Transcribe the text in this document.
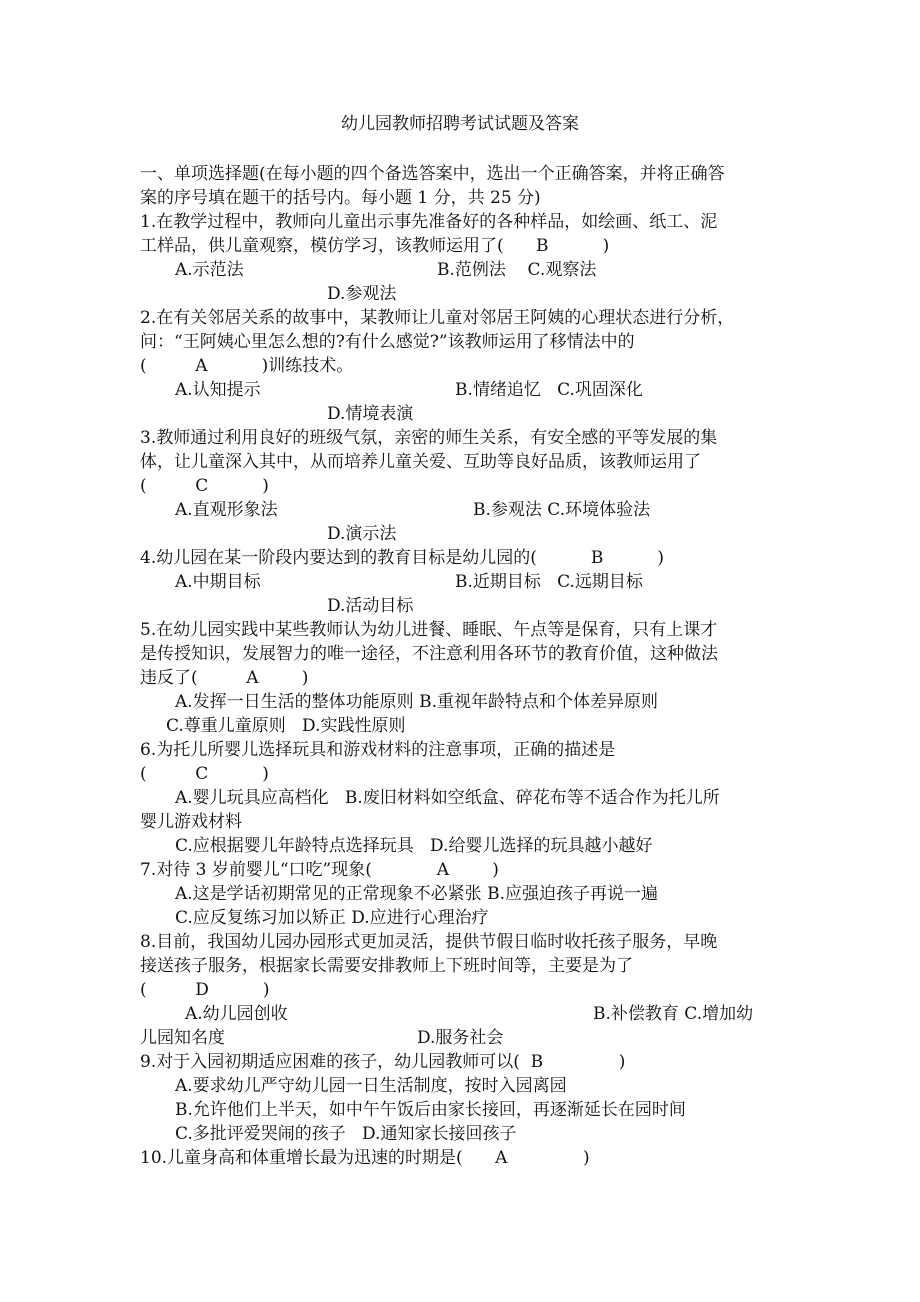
幼儿园教师招聘考试试题及答案
一、单项选择题(在每小题的四个备选答案中，选出一个正确答案，并将正确答
案的序号填在题干的括号内。每小题 1 分，共 25 分)
1.在教学过程中，教师向儿童出示事先准备好的各种样品，如绘画、纸工、泥
工样品，供儿童观察，模仿学习，该教师运用了(      B          )
A.示范法	B.范例法    C.观察法
D.参观法
2.在有关邻居关系的故事中，某教师让儿童对邻居王阿姨的心理状态进行分析，
问：“王阿姨心里怎么想的?有什么感觉?”该教师运用了移情法中的
(         A          )训练技术。
A.认知提示	B.情绪追忆   C.巩固深化
D.情境表演
3.教师通过利用良好的班级气氛，亲密的师生关系，有安全感的平等发展的集
体，让儿童深入其中，从而培养儿童关爱、互助等良好品质，该教师运用了
(         C          )
A.直观形象法	B.参观法 C.环境体验法
D.演示法
4.幼儿园在某一阶段内要达到的教育目标是幼儿园的(          B          )
A.中期目标	B.近期目标   C.远期目标
D.活动目标
5.在幼儿园实践中某些教师认为幼儿进餐、睡眠、午点等是保育，只有上课才
是传授知识，发展智力的唯一途径，不注意利用各环节的教育价值，这种做法
违反了(         A        )
A.发挥一日生活的整体功能原则 B.重视年龄特点和个体差异原则
C.尊重儿童原则   D.实践性原则
6.为托儿所婴儿选择玩具和游戏材料的注意事项，正确的描述是
(         C          )
A.婴儿玩具应高档化   B.废旧材料如空纸盒、碎花布等不适合作为托儿所
婴儿游戏材料
C.应根据婴儿年龄特点选择玩具   D.给婴儿选择的玩具越小越好
7.对待 3 岁前婴儿“口吃”现象(            A        )
A.这是学话初期常见的正常现象不必紧张 B.应强迫孩子再说一遍
C.应反复练习加以矫正 D.应进行心理治疗
8.目前，我国幼儿园办园形式更加灵活，提供节假日临时收托孩子服务，早晚
接送孩子服务，根据家长需要安排教师上下班时间等，主要是为了
(         D          )
A.幼儿园创收	B.补偿教育 C.增加幼
儿园知名度	D.服务社会
9.对于入园初期适应困难的孩子，幼儿园教师可以(  B              )
A.要求幼儿严守幼儿园一日生活制度，按时入园离园
B.允许他们上半天，如中午午饭后由家长接回，再逐渐延长在园时间
C.多批评爱哭闹的孩子   D.通知家长接回孩子
10.儿童身高和体重增长最为迅速的时期是(      A              )
